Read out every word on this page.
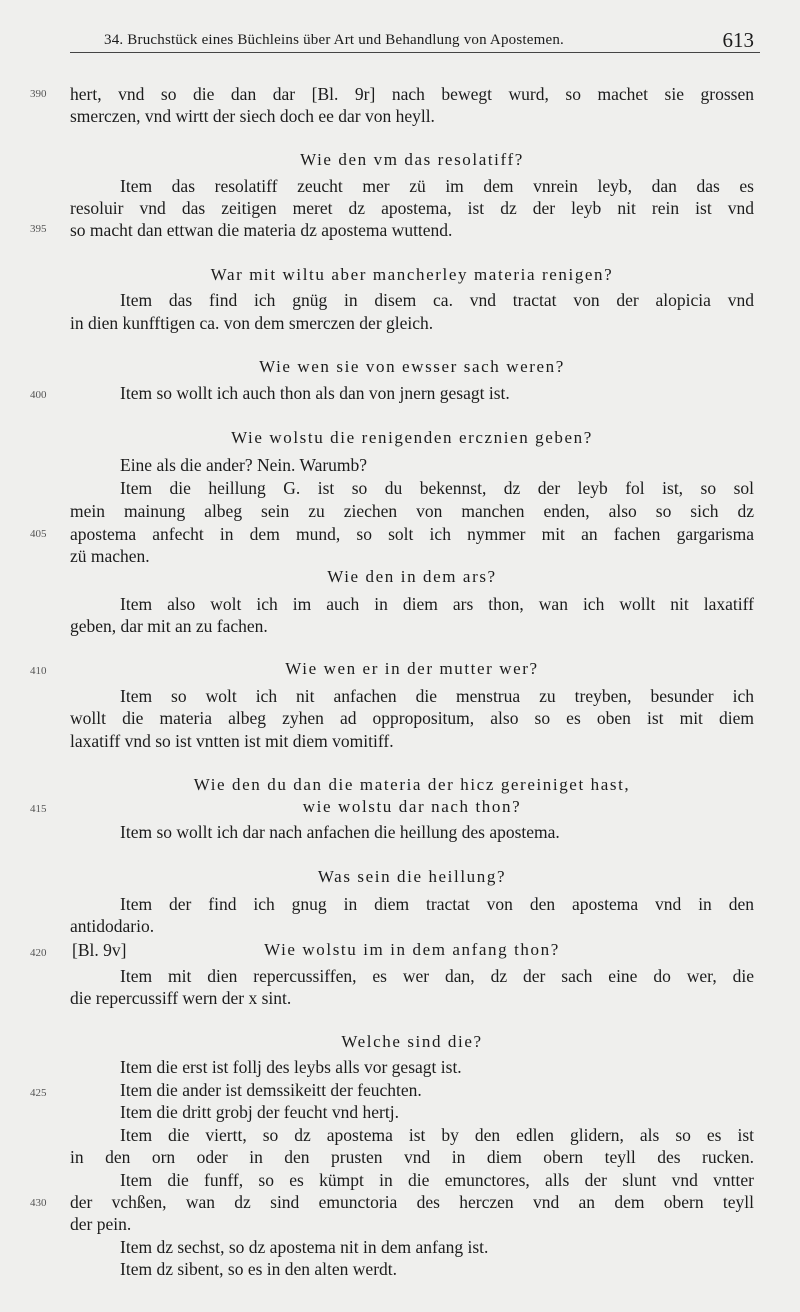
34. Bruchstück eines Büchleins über Art und Behandlung von Apostemen.	613
390
395
400
405
410
415
420
425
430
hert, vnd so die dan dar [Bl. 9r] nach bewegt wurd, so machet sie grossen
smerczen, vnd wirtt der siech doch ee dar von heyll.
Wie den vm das resolatiff?
Item das resolatiff zeucht mer zü im dem vnrein leyb, dan das es
resoluir vnd das zeitigen meret dz apostema, ist dz der leyb nit rein ist vnd
so macht dan ettwan die materia dz apostema wuttend.
War mit wiltu aber mancherley materia renigen?
Item das find ich gnüg in disem ca. vnd tractat von der alopicia vnd
in dien kunfftigen ca. von dem smerczen der gleich.
Wie wen sie von ewsser sach weren?
Item so wollt ich auch thon als dan von jnern gesagt ist.
Wie wolstu die renigenden ercznien geben?
Eine als die ander? Nein. Warumb?
Item die heillung G. ist so du bekennst, dz der leyb fol ist, so sol
mein mainung albeg sein zu ziechen von manchen enden, also so sich dz
apostema anfecht in dem mund, so solt ich nymmer mit an fachen gargarisma
zü machen.
Wie den in dem ars?
Item also wolt ich im auch in diem ars thon, wan ich wollt nit laxatiff
geben, dar mit an zu fachen.
Wie wen er in der mutter wer?
Item so wolt ich nit anfachen die menstrua zu treyben, besunder ich
wollt die materia albeg zyhen ad oppropositum, also so es oben ist mit diem
laxatiff vnd so ist vntten ist mit diem vomitiff.
Wie den du dan die materia der hicz gereiniget hast,
wie wolstu dar nach thon?
Item so wollt ich dar nach anfachen die heillung des apostema.
Was sein die heillung?
Item der find ich gnug in diem tractat von den apostema vnd in den
antidodario.
[Bl. 9v]	Wie wolstu im in dem anfang thon?
Item mit dien repercussiffen, es wer dan, dz der sach eine do wer, die
die repercussiff wern der x sint.
Welche sind die?
Item die erst ist follj des leybs alls vor gesagt ist.
Item die ander ist demssikeitt der feuchten.
Item die dritt grobj der feucht vnd hertj.
Item die viertt, so dz apostema ist by den edlen glidern, als so es ist
in den orn oder in den prusten vnd in diem obern teyll des rucken.
Item die funff, so es kümpt in die emunctores, alls der slunt vnd vntter
der vchßen, wan dz sind emunctoria des herczen vnd an dem obern teyll
der pein.
Item dz sechst, so dz apostema nit in dem anfang ist.
Item dz sibent, so es in den alten werdt.
